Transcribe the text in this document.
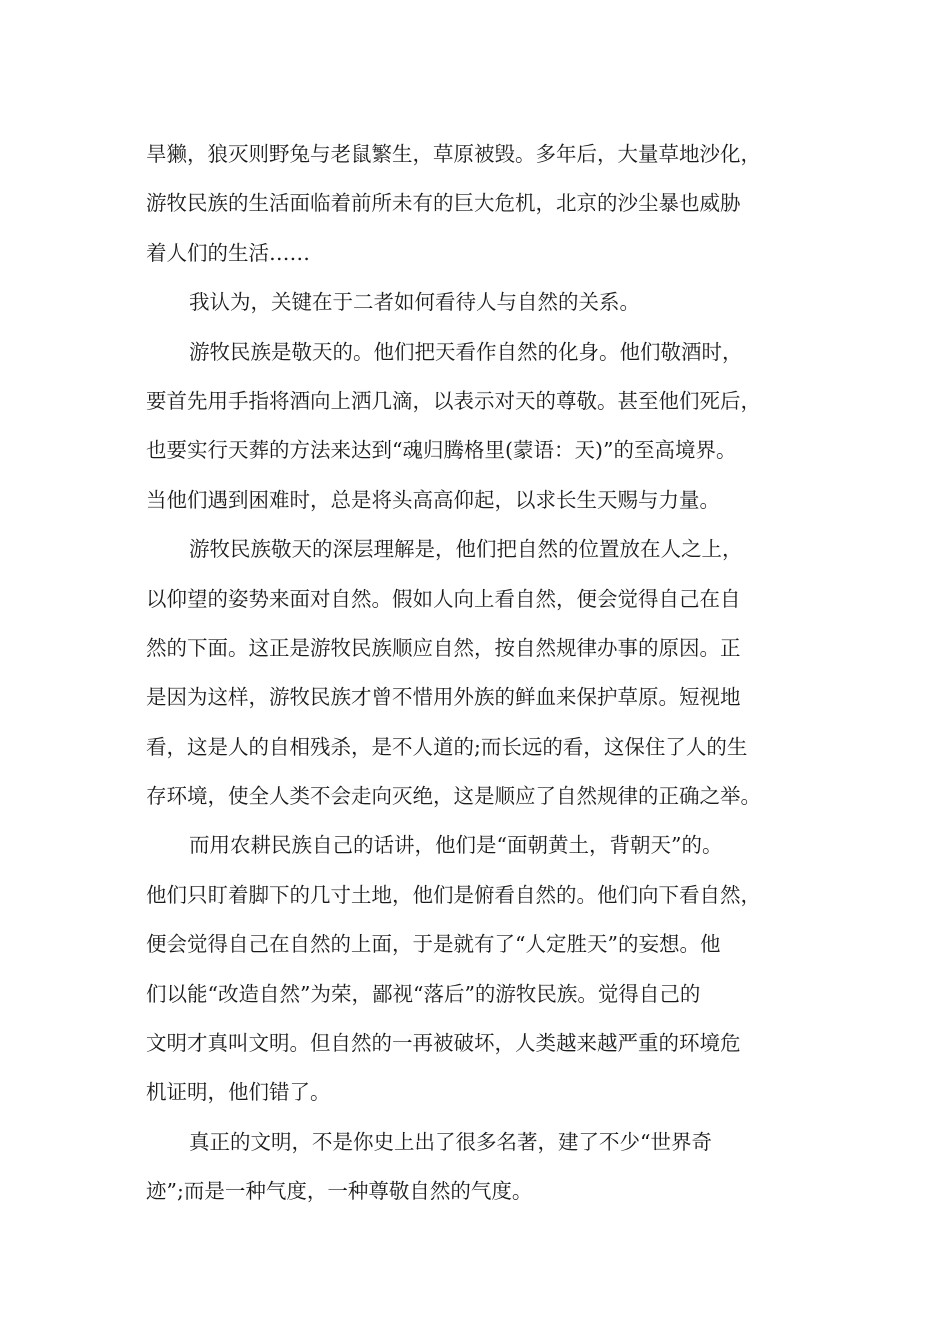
旱獭，狼灭则野兔与老鼠繁生，草原被毁。多年后，大量草地沙化，
游牧民族的生活面临着前所未有的巨大危机，北京的沙尘暴也威胁
着人们的生活……
我认为，关键在于二者如何看待人与自然的关系。
游牧民族是敬天的。他们把天看作自然的化身。他们敬酒时，
要首先用手指将酒向上洒几滴，以表示对天的尊敬。甚至他们死后，
也要实行天葬的方法来达到“魂归腾格里(蒙语：天)”的至高境界。
当他们遇到困难时，总是将头高高仰起，以求长生天赐与力量。
游牧民族敬天的深层理解是，他们把自然的位置放在人之上，
以仰望的姿势来面对自然。假如人向上看自然，便会觉得自己在自
然的下面。这正是游牧民族顺应自然，按自然规律办事的原因。正
是因为这样，游牧民族才曾不惜用外族的鲜血来保护草原。短视地
看，这是人的自相残杀，是不人道的;而长远的看，这保住了人的生
存环境，使全人类不会走向灭绝，这是顺应了自然规律的正确之举。
而用农耕民族自己的话讲，他们是“面朝黄土，背朝天”的。
他们只盯着脚下的几寸土地，他们是俯看自然的。他们向下看自然，
便会觉得自己在自然的上面，于是就有了“人定胜天”的妄想。他
们以能“改造自然”为荣，鄙视“落后”的游牧民族。觉得自己的
文明才真叫文明。但自然的一再被破坏，人类越来越严重的环境危
机证明，他们错了。
真正的文明，不是你史上出了很多名著，建了不少“世界奇
迹”;而是一种气度，一种尊敬自然的气度。
